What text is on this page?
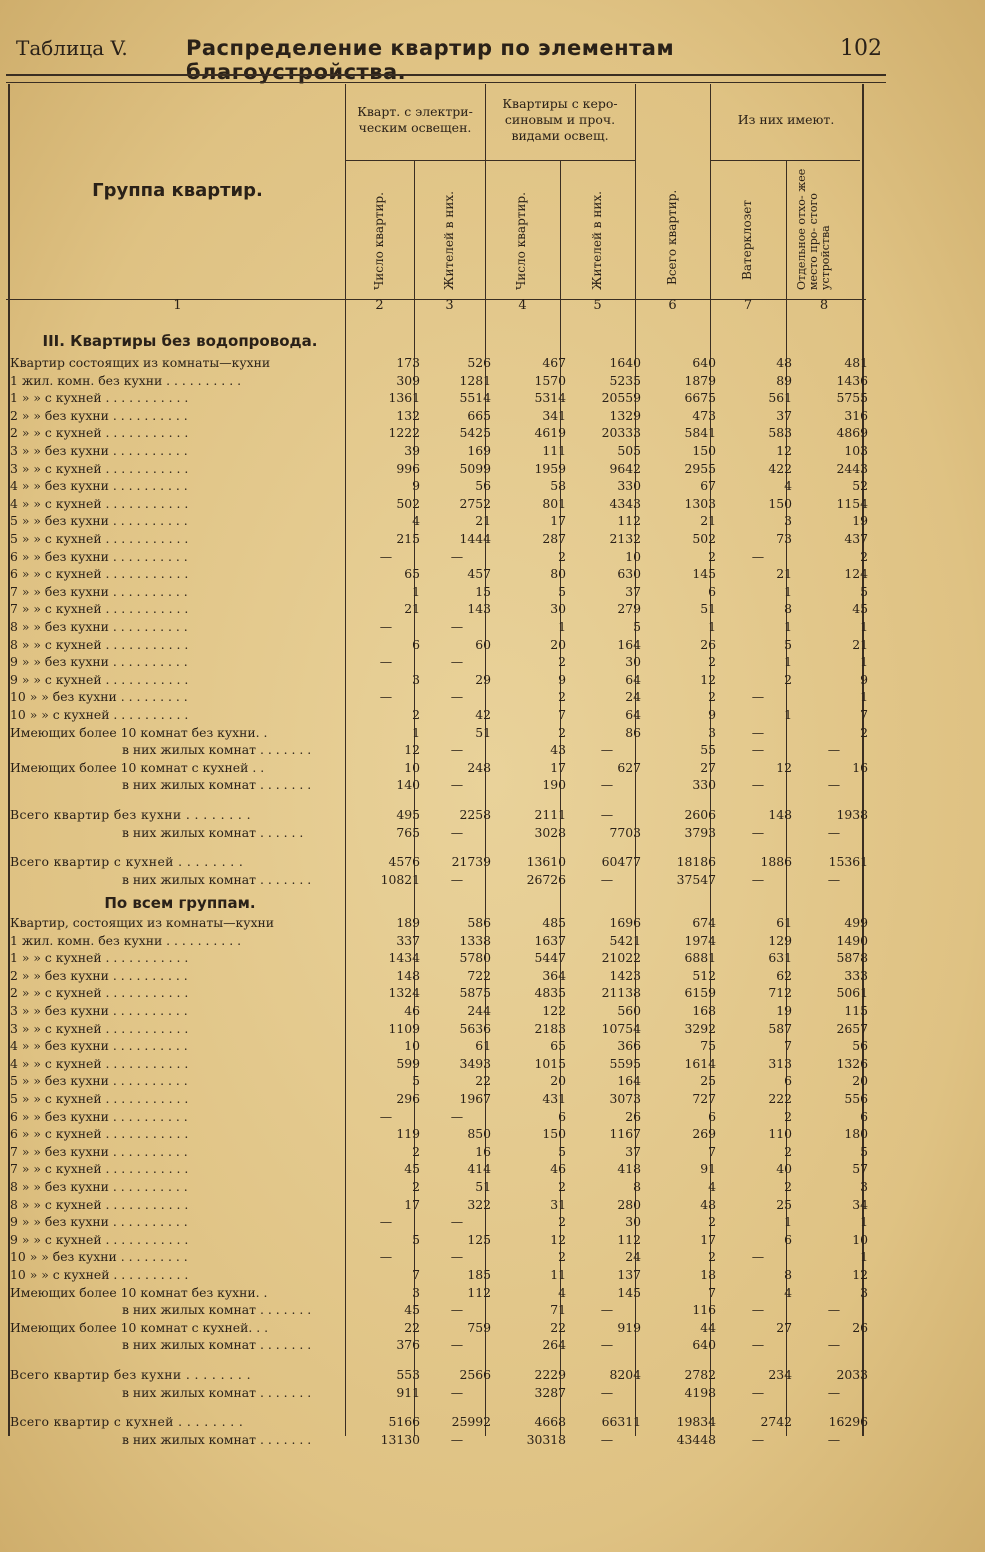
Таблица V.	Распределение квартир по элементам благоустройства.
102
Группа квартир.
Кварт. с электри- ческим освещен.
Квартиры с керо- синовым и проч. видами освещ.
Из них имеют.
Число квартир.	Жителей в них.	Число квартир.	Жителей в них.	Всего квартир.	Ватерклозет	Отдельное отхо- жее место про- стого устройства
1	2	3	4	5	6	7	8
III. Квартиры без водопровода.
По всем группам.
Квартир состоящих из комнаты—кухни	173	526	467	1640	640	48	481
1 жил. комн. без кухни . . . . . . . . . .	309	1281	1570	5235	1879	89	1436
1 » » с кухней . . . . . . . . . . .	1361	5514	5314	20559	6675	561	5755
2 » » без кухни . . . . . . . . . .	132	665	341	1329	473	37	316
2 » » с кухней . . . . . . . . . . .	1222	5425	4619	20333	5841	583	4869
3 » » без кухни . . . . . . . . . .	39	169	111	505	150	12	103
3 » » с кухней . . . . . . . . . . .	996	5099	1959	9642	2955	422	2443
4 » » без кухни . . . . . . . . . .	9	56	58	330	67	4	52
4 » » с кухней . . . . . . . . . . .	502	2752	801	4343	1303	150	1154
5 » » без кухни . . . . . . . . . .	4	21	17	112	21	3	19
5 » » с кухней . . . . . . . . . . .	215	1444	287	2132	502	73	437
6 » » без кухни . . . . . . . . . .	—	—	2	10	2	—	2
6 » » с кухней . . . . . . . . . . .	65	457	80	630	145	21	124
7 » » без кухни . . . . . . . . . .	1	15	5	37	6	1	5
7 » » с кухней . . . . . . . . . . .	21	143	30	279	51	8	45
8 » » без кухни . . . . . . . . . .	—	—	1	5	1	1	1
8 » » с кухней . . . . . . . . . . .	6	60	20	164	26	5	21
9 » » без кухни . . . . . . . . . .	—	—	2	30	2	1	1
9 » » с кухней . . . . . . . . . . .	3	29	9	64	12	2	9
10 » » без кухни . . . . . . . . .	—	—	2	24	2	—	1
10 » » с кухней . . . . . . . . . .	2	42	7	64	9	1	7
Имеющих более 10 комнат без кухни. .	1	51	2	86	3	—	2
в них жилых комнат . . . . . . .	12	—	43	—	55	—	—
Имеющих более 10 комнат с кухней . .	10	248	17	627	27	12	16
в них жилых комнат . . . . . . .	140	—	190	—	330	—	—
Всего квартир без кухни . . . . . . . .	495	2258	2111	—	2606	148	1938
в них жилых комнат . . . . . .	765	—	3028	7703	3793	—	—
Всего квартир с кухней . . . . . . . .	4576	21739	13610	60477	18186	1886	15361
в них жилых комнат . . . . . . .	10821	—	26726	—	37547	—	—
Квартир, состоящих из комнаты—кухни	189	586	485	1696	674	61	499
1 жил. комн. без кухни . . . . . . . . . .	337	1338	1637	5421	1974	129	1490
1 » » с кухней . . . . . . . . . . .	1434	5780	5447	21022	6881	631	5878
2 » » без кухни . . . . . . . . . .	148	722	364	1423	512	62	333
2 » » с кухней . . . . . . . . . . .	1324	5875	4835	21138	6159	712	5061
3 » » без кухни . . . . . . . . . .	46	244	122	560	168	19	115
3 » » с кухней . . . . . . . . . . .	1109	5636	2183	10754	3292	587	2657
4 » » без кухни . . . . . . . . . .	10	61	65	366	75	7	56
4 » » с кухней . . . . . . . . . . .	599	3493	1015	5595	1614	313	1326
5 » » без кухни . . . . . . . . . .	5	22	20	164	25	6	20
5 » » с кухней . . . . . . . . . . .	296	1967	431	3073	727	222	556
6 » » без кухни . . . . . . . . . .	—	—	6	26	6	2	6
6 » » с кухней . . . . . . . . . . .	119	850	150	1167	269	110	180
7 » » без кухни . . . . . . . . . .	2	16	5	37	7	2	5
7 » » с кухней . . . . . . . . . . .	45	414	46	418	91	40	57
8 » » без кухни . . . . . . . . . .	2	51	2	8	4	2	3
8 » » с кухней . . . . . . . . . . .	17	322	31	280	48	25	34
9 » » без кухни . . . . . . . . . .	—	—	2	30	2	1	1
9 » » с кухней . . . . . . . . . . .	5	125	12	112	17	6	10
10 » » без кухни . . . . . . . . .	—	—	2	24	2	—	1
10 » » с кухней . . . . . . . . . .	7	185	11	137	18	8	12
Имеющих более 10 комнат без кухни. .	3	112	4	145	7	4	3
в них жилых комнат . . . . . . .	45	—	71	—	116	—	—
Имеющих более 10 комнат с кухней. . .	22	759	22	919	44	27	26
в них жилых комнат . . . . . . .	376	—	264	—	640	—	—
Всего квартир без кухни . . . . . . . .	553	2566	2229	8204	2782	234	2033
в них жилых комнат . . . . . . .	911	—	3287	—	4198	—	—
Всего квартир с кухней . . . . . . . .	5166	25992	4668	66311	19834	2742	16296
в них жилых комнат . . . . . . .	13130	—	30318	—	43448	—	—
